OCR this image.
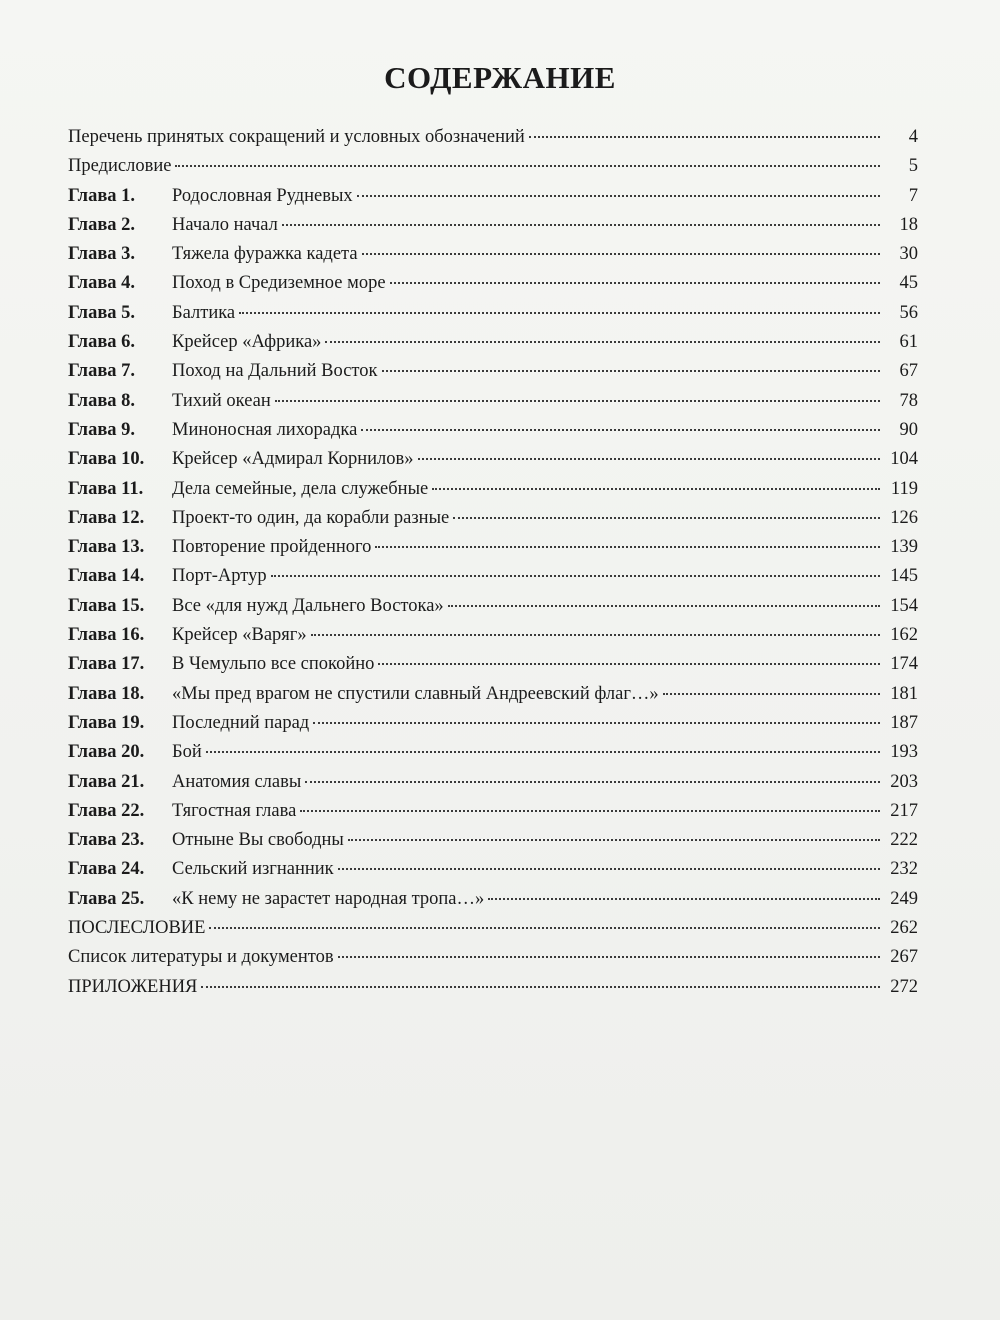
СОДЕРЖАНИЕ
Перечень принятых сокращений и условных обозначений	4
Предисловие	5
Глава 1.	Родословная Рудневых	7
Глава 2.	Начало начал	18
Глава 3.	Тяжела фуражка кадета	30
Глава 4.	Поход в Средиземное море	45
Глава 5.	Балтика	56
Глава 6.	Крейсер «Африка»	61
Глава 7.	Поход на Дальний Восток	67
Глава 8.	Тихий океан	78
Глава 9.	Миноносная лихорадка	90
Глава 10.	Крейсер «Адмирал Корнилов»	104
Глава 11.	Дела семейные, дела служебные	119
Глава 12.	Проект-то один, да корабли разные	126
Глава 13.	Повторение пройденного	139
Глава 14.	Порт-Артур	145
Глава 15.	Все «для нужд Дальнего Востока»	154
Глава 16.	Крейсер «Варяг»	162
Глава 17.	В Чемульпо все спокойно	174
Глава 18.	«Мы пред врагом не спустили славный Андреевский флаг…»	181
Глава 19.	Последний парад	187
Глава 20.	Бой	193
Глава 21.	Анатомия славы	203
Глава 22.	Тягостная глава	217
Глава 23.	Отныне Вы свободны	222
Глава 24.	Сельский изгнанник	232
Глава 25.	«К нему не зарастет народная тропа…»	249
ПОСЛЕСЛОВИЕ	262
Список литературы и документов	267
ПРИЛОЖЕНИЯ	272
